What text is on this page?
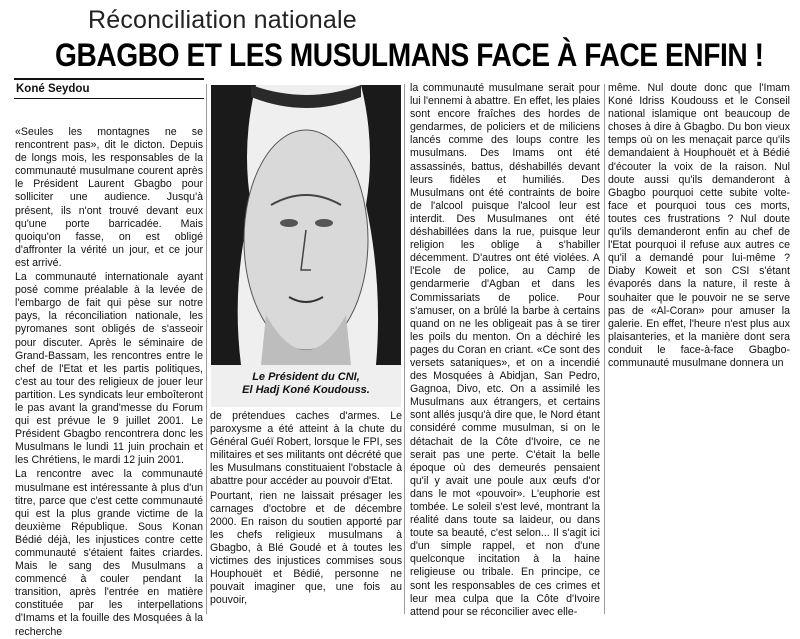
Réconciliation nationale
GBAGBO ET LES MUSULMANS FACE À FACE ENFIN !
Koné Seydou

«Seules les montagnes ne se rencontrent pas», dit le dicton. Depuis de longs mois, les responsables de la communauté musulmane courent après le Président Laurent Gbagbo pour solliciter une audience. Jusqu'à présent, ils n'ont trouvé devant eux qu'une porte barricadée. Mais quoiqu'on fasse, on est obligé d'affronter la vérité un jour, et ce jour est arrivé.

La communauté internationale ayant posé comme préalable à la levée de l'embargo de fait qui pèse sur notre pays, la réconciliation nationale, les pyromanes sont obligés de s'asseoir pour discuter. Après le séminaire de Grand-Bassam, les rencontres entre le chef de l'Etat et les partis politiques, c'est au tour des religieux de jouer leur partition. Les syndicats leur emboîteront le pas avant la grand'messe du Forum qui est prévue le 9 juillet 2001. Le Président Gbagbo rencontrera donc les Musulmans le lundi 11 juin prochain et les Chrétiens, le mardi 12 juin 2001.

La rencontre avec la communauté musulmane est intéressante à plus d'un titre, parce que c'est cette communauté qui est la plus grande victime de la deuxième République. Sous Konan Bédié déjà, les injustices contre cette communauté s'étaient faites criardes. Mais le sang des Musulmans a commencé à couler pendant la transition, après l'entrée en matière constituée par les interpellations d'Imams et la fouille des Mosquées à la recherche

Le Président du CNI,
El Hadj Koné Koudouss.

de prétendues caches d'armes. Le paroxysme a été atteint à la chute du Général Guéï Robert, lorsque le FPI, ses militaires et ses militants ont décrété que les Musulmans constituaient l'obstacle à abattre pour accéder au pouvoir d'Etat.

Pourtant, rien ne laissait présager les carnages d'octobre et de décembre 2000. En raison du soutien apporté par les chefs religieux musulmans à Gbagbo, à Blé Goudé et à toutes les victimes des injustices commises sous Houphouët et Bédié, personne ne pouvait imaginer que, une fois au pouvoir,

la communauté musulmane serait pour lui l'ennemi à abattre. En effet, les plaies sont encore fraîches des hordes de gendarmes, de policiers et de miliciens lancés comme des loups contre les musulmans. Des Imams ont été assassinés, battus, déshabillés devant leurs fidèles et humiliés. Des Musulmans ont été contraints de boire de l'alcool puisque l'alcool leur est interdit. Des Musulmanes ont été déshabillées dans la rue, puisque leur religion les oblige à s'habiller décemment. D'autres ont été violées. A l'Ecole de police, au Camp de gendarmerie d'Agban et dans les Commissariats de police. Pour s'amuser, on a brûlé la barbe à certains quand on ne les obligeait pas à se tirer les poils du menton. On a déchiré les pages du Coran en criant. «Ce sont des versets sataniques», et on a incendié des Mosquées à Abidjan, San Pedro, Gagnoa, Divo, etc. On a assimilé les Musulmans aux étrangers, et certains sont allés jusqu'à dire que, le Nord étant considéré comme musulman, si on le détachait de la Côte d'Ivoire, ce ne serait pas une perte. C'était la belle époque où des demeurés pensaient qu'il y avait une poule aux œufs d'or dans le mot «pouvoir». L'euphorie est tombée. Le soleil s'est levé, montrant la réalité dans toute sa laideur, ou dans toute sa beauté, c'est selon... Il s'agit ici d'un simple rappel, et non d'une quelconque incitation à la haine religieuse ou tribale. En principe, ce sont les responsables de ces crimes et leur mea culpa que la Côte d'Ivoire attend pour se réconcilier avec elle-

même. Nul doute donc que l'Imam Koné Idriss Koudouss et le Conseil national islamique ont beaucoup de choses à dire à Gbagbo. Du bon vieux temps où on les menaçait parce qu'ils demandaient à Houphouët et à Bédié d'écouter la voix de la raison. Nul doute aussi qu'ils demanderont à Gbagbo pourquoi cette subite volte-face et pourquoi tous ces morts, toutes ces frustrations ? Nul doute qu'ils demanderont enfin au chef de l'Etat pourquoi il refuse aux autres ce qu'il a demandé pour lui-même ? Diaby Koweit et son CSI s'étant évaporés dans la nature, il reste à souhaiter que le pouvoir ne se serve pas de «Al-Coran» pour amuser la galerie. En effet, l'heure n'est plus aux plaisanteries, et la manière dont sera conduit le face-à-face Gbagbo-communauté musulmane donnera un
